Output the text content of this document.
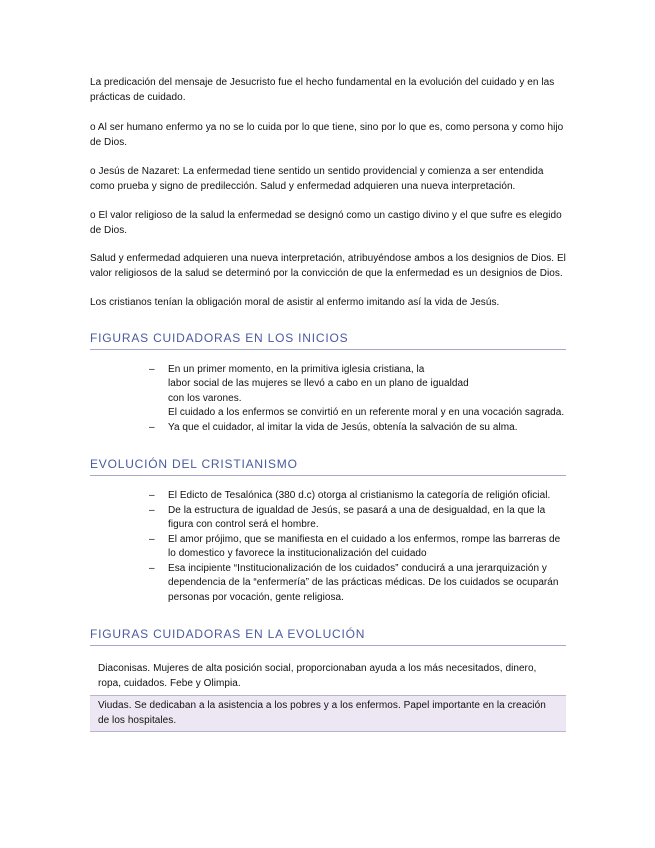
La predicación del mensaje de Jesucristo fue el hecho fundamental en la evolución del cuidado y en las prácticas de cuidado.

o Al ser humano enfermo ya no se lo cuida por lo que tiene, sino por lo que es, como persona y como hijo de Dios.

o Jesús de Nazaret: La enfermedad tiene sentido un sentido providencial y comienza a ser entendida como prueba y signo de predilección. Salud y enfermedad adquieren una nueva interpretación.

o El valor religioso de la salud la enfermedad se designó como un castigo divino y el que sufre es elegido de Dios.

Salud y enfermedad adquieren una nueva interpretación, atribuyéndose ambos a los designios de Dios. El valor religiosos de la salud se determinó por la convicción de que la enfermedad es un designios de Dios.

Los cristianos tenían la obligación moral de asistir al enfermo imitando así la vida de Jesús.

FIGURAS CUIDADORAS EN LOS INICIOS
– En un primer momento, en la primitiva iglesia cristiana, la
labor social de las mujeres se llevó a cabo en un plano de igualdad
con los varones.
El cuidado a los enfermos se convirtió en un referente moral y en una vocación sagrada.
– Ya que el cuidador, al imitar la vida de Jesús, obtenía la salvación de su alma.
EVOLUCIÓN DEL CRISTIANISMO
– El Edicto de Tesalónica (380 d.c) otorga al cristianismo la categoría de religión oficial.
– De la estructura de igualdad de Jesús, se pasará a una de desigualdad, en la que la figura con control será el hombre.
– El amor prójimo, que se manifiesta en el cuidado a los enfermos, rompe las barreras de lo domestico y favorece la institucionalización del cuidado
– Esa incipiente “Institucionalización de los cuidados” conducirá a una jerarquización y dependencia de la “enfermería” de las prácticas médicas. De los cuidados se ocuparán personas por vocación, gente religiosa.
FIGURAS CUIDADORAS EN LA EVOLUCIÓN
Diaconisas. Mujeres de alta posición social, proporcionaban ayuda a los más necesitados, dinero, ropa, cuidados. Febe y Olimpia.
Viudas. Se dedicaban a la asistencia a los pobres y a los enfermos. Papel importante en la creación de los hospitales.
